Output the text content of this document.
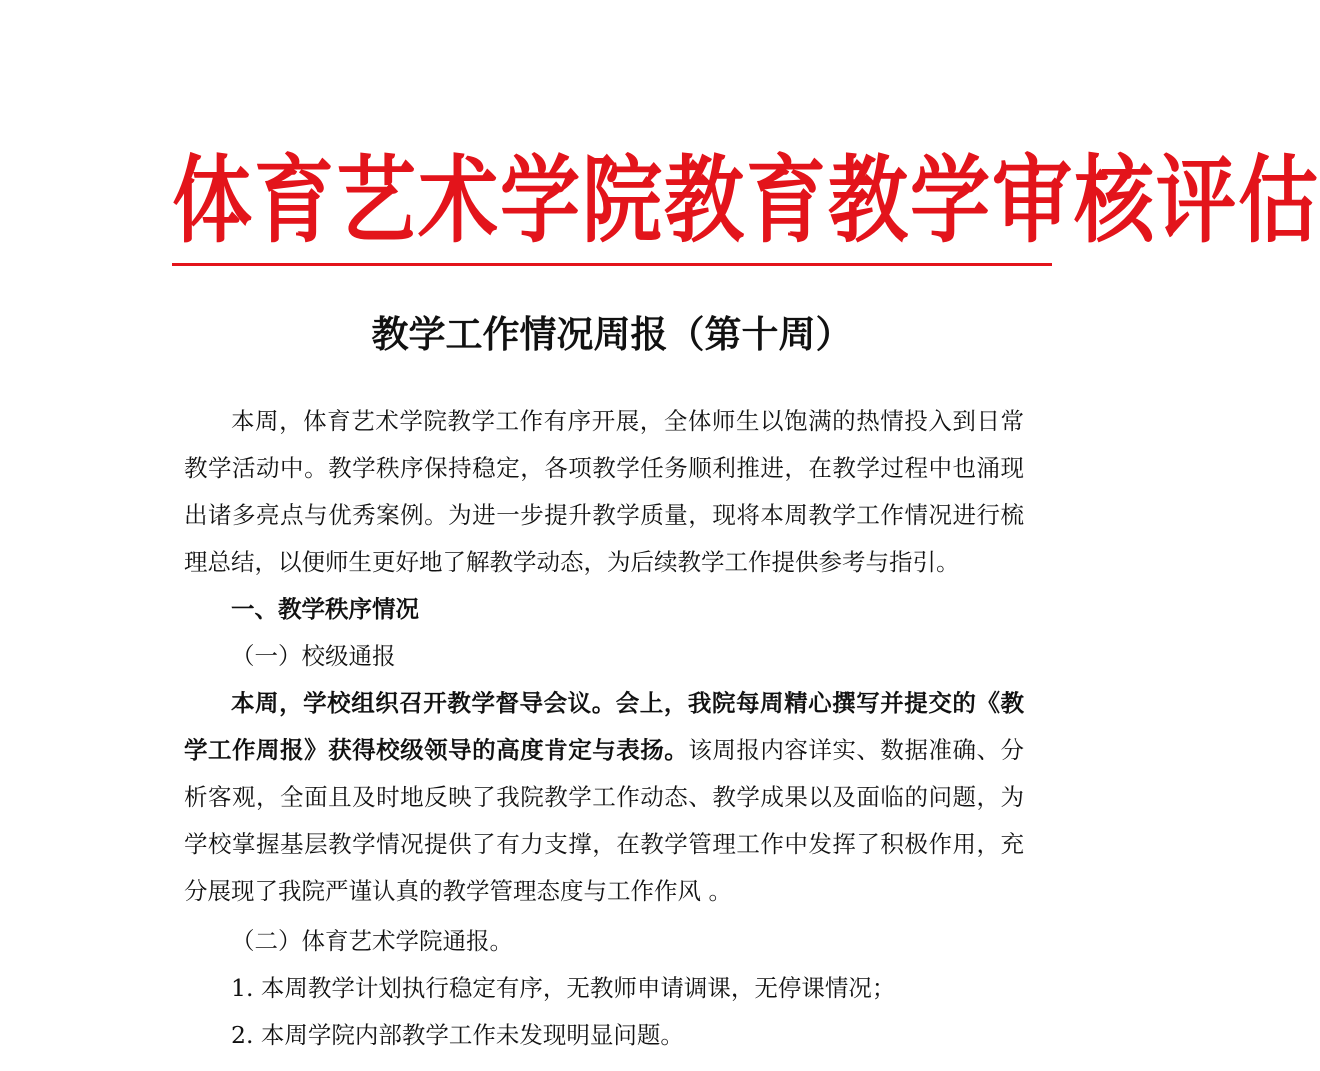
体育艺术学院教育教学审核评估
教学工作情况周报（第十周）

本周，体育艺术学院教学工作有序开展，全体师生以饱满的热情投入到日常教学活动中。教学秩序保持稳定，各项教学任务顺利推进，在教学过程中也涌现出诸多亮点与优秀案例。为进一步提升教学质量，现将本周教学工作情况进行梳理总结，以便师生更好地了解教学动态，为后续教学工作提供参考与指引。

一、教学秩序情况
（一）校级通报

本周，学校组织召开教学督导会议。会上，我院每周精心撰写并提交的《教学工作周报》获得校级领导的高度肯定与表扬。该周报内容详实、数据准确、分析客观，全面且及时地反映了我院教学工作动态、教学成果以及面临的问题，为学校掌握基层教学情况提供了有力支撑，在教学管理工作中发挥了积极作用，充分展现了我院严谨认真的教学管理态度与工作作风 。

（二）体育艺术学院通报。
1. 本周教学计划执行稳定有序，无教师申请调课，无停课情况；
2. 本周学院内部教学工作未发现明显问题。
